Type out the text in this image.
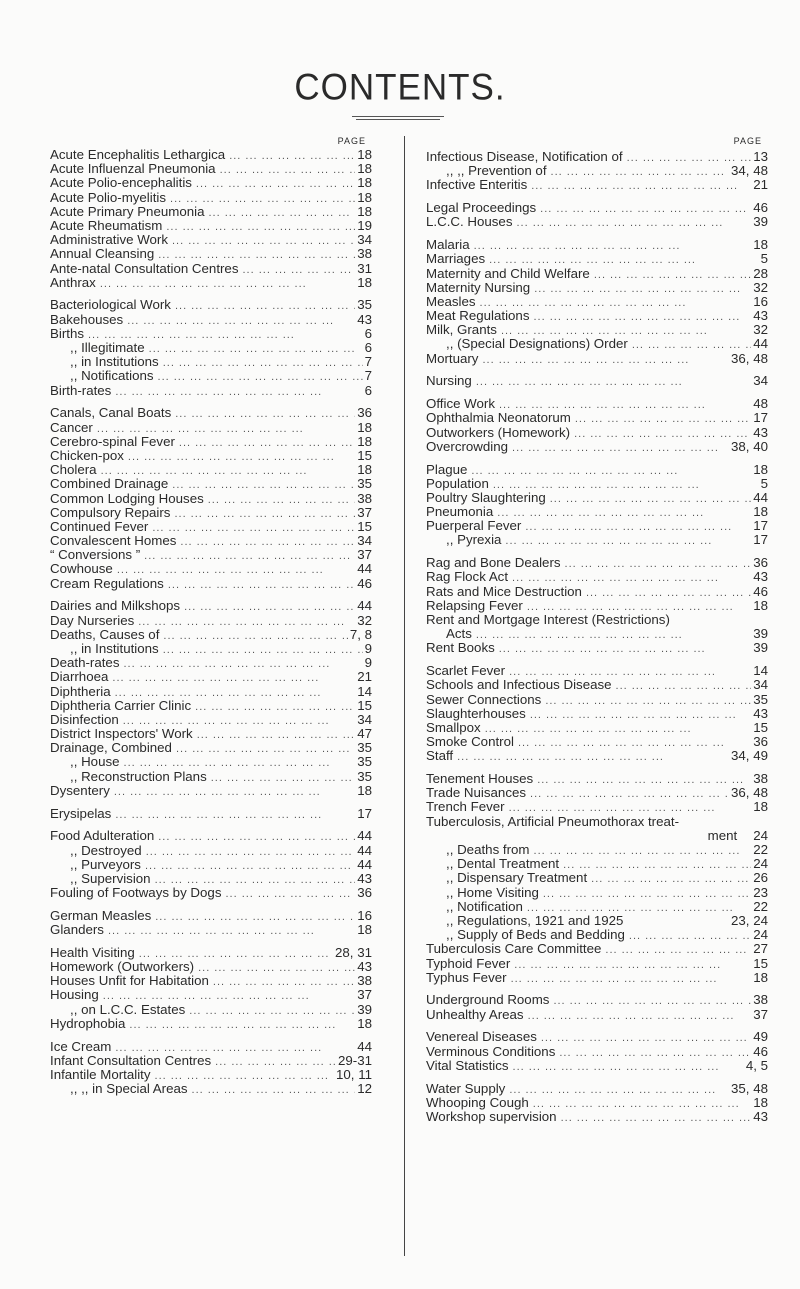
CONTENTS.
PAGE
Acute Encephalitis Lethargica ... .	18
Acute Influenzal Pneumonia ... .	18
Acute Polio-encephalitis ... .	18
Acute Polio-myelitis ... .	18
Acute Primary Pneumonia ... .	18
Acute Rheumatism ... .	19
Administrative Work ... .	34
Annual Cleansing ... .	38
Ante-natal Consultation Centres ... .	31
Anthrax ... .	18
Bacteriological Work ... .	35
Bakehouses ... .	43
Births ... .	6
,, Illegitimate ... .	6
,, in Institutions ... .	7
,, Notifications ... .	7
Birth-rates ... .	6
Canals, Canal Boats ... .	36
Cancer ... .	18
Cerebro-spinal Fever ... .	18
Chicken-pox ... .	15
Cholera ... .	18
Combined Drainage ... .	35
Common Lodging Houses ... .	38
Compulsory Repairs ... .	37
Continued Fever ... .	15
Convalescent Homes ... .	34
“ Conversions ” ... .	37
Cowhouse ... .	44
Cream Regulations ... .	46
Dairies and Milkshops ... .	44
Day Nurseries ... .	32
Deaths, Causes of ... .	7, 8
,, in Institutions ... .	9
Death-rates ... .	9
Diarrhoea ... .	21
Diphtheria ... .	14
Diphtheria Carrier Clinic ... .	15
Disinfection ... .	34
District Inspectors' Work ... .	47
Drainage, Combined ... .	35
,, House ... .	35
,, Reconstruction Plans ... .	35
Dysentery ... .	18
Erysipelas ... .	17
Food Adulteration ... .	44
,, Destroyed ... .	44
,, Purveyors ... .	44
,, Supervision ... .	43
Fouling of Footways by Dogs ... .	36
German Measles ... .	16
Glanders ... .	18
Health Visiting ... .	28, 31
Homework (Outworkers) ... .	43
Houses Unfit for Habitation ... .	38
Housing ... .	37
,, on L.C.C. Estates ... .	39
Hydrophobia ... .	18
Ice Cream ... .	44
Infant Consultation Centres ... .	29-31
Infantile Mortality ... .	10, 11
,, ,, in Special Areas ... .	12
PAGE
Infectious Disease, Notification of ... .	13
,, ,, Prevention of ... .	34, 48
Infective Enteritis ... .	21
Legal Proceedings ... .	46
L.C.C. Houses ... .	39
Malaria ... .	18
Marriages ... .	5
Maternity and Child Welfare ... .	28
Maternity Nursing ... .	32
Measles ... .	16
Meat Regulations ... .	43
Milk, Grants ... .	32
,, (Special Designations) Order ... .	44
Mortuary ... .	36, 48
Nursing ... .	34
Office Work ... .	48
Ophthalmia Neonatorum ... .	17
Outworkers (Homework) ... .	43
Overcrowding ... .	38, 40
Plague ... .	18
Population ... .	5
Poultry Slaughtering ... .	44
Pneumonia ... .	18
Puerperal Fever ... .	17
,, Pyrexia ... .	17
Rag and Bone Dealers ... .	36
Rag Flock Act ... .	43
Rats and Mice Destruction ... .	46
Relapsing Fever ... .	18
Rent and Mortgage Interest (Restrictions)
Acts ... .	39
Rent Books ... .	39
Scarlet Fever ... .	14
Schools and Infectious Disease ... .	34
Sewer Connections ... .	35
Slaughterhouses ... .	43
Smallpox ... .	15
Smoke Control ... .	36
Staff ... .	34, 49
Tenement Houses ... .	38
Trade Nuisances ... .	36, 48
Trench Fever ... .	18
Tuberculosis, Artificial Pneumothorax treat-
ment	24
,, Deaths from ... .	22
,, Dental Treatment ... .	24
,, Dispensary Treatment ... .	26
,, Home Visiting ... .	23
,, Notification ... .	22
,, Regulations, 1921 and 1925	23, 24
,, Supply of Beds and Bedding ... .	24
Tuberculosis Care Committee ... .	27
Typhoid Fever ... .	15
Typhus Fever ... .	18
Underground Rooms ... .	38
Unhealthy Areas ... .	37
Venereal Diseases ... .	49
Verminous Conditions ... .	46
Vital Statistics ... .	4, 5
Water Supply ... .	35, 48
Whooping Cough ... .	18
Workshop supervision ... .	43
